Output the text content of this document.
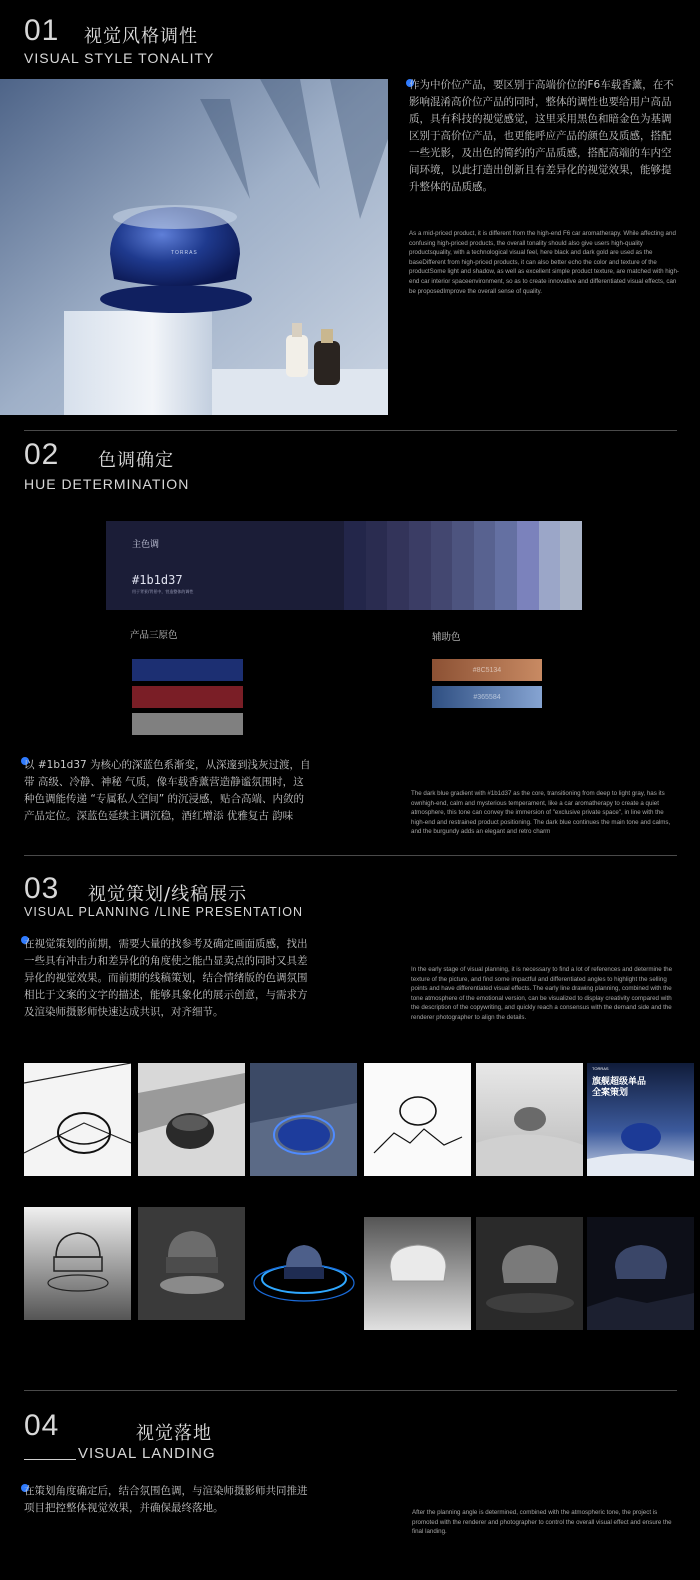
01 视觉风格调性
VISUAL STYLE TONALITY
TORRAS
作为中价位产品，要区别于高端价位的F6车载香薰，在不影响混淆高价位产品的同时，整体的调性也要给用户高品质，具有科技的视觉感觉，这里采用黑色和暗金色为基调区别于高价位产品，也更能呼应产品的颜色及质感，搭配一些光影，及出色的简约的产品质感，搭配高端的车内空间环境，以此打造出创新且有差异化的视觉效果，能够提升整体的品质感。
As a mid-priced product, it is different from the high-end F6 car aromatherapy. While affecting and confusing high-priced products, the overall tonality should also give users high-quality productsquality, with a technological visual feel, here black and dark gold are used as the baseDifferent from high-priced products, it can also better echo the color and texture of the productSome light and shadow, as well as excellent simple product texture, are matched with high-end car interior spaceenvironment, so as to create innovative and differentiated visual effects, can be proposedImprove the overall sense of quality.
02 色调确定
HUE DETERMINATION
主色调
#1b1d37
用于背景/背景中，营造整体的调性
产品三原色	辅助色
#8C5134
#365584
以 #1b1d37 为核心的深蓝色系渐变，从深邃到浅灰过渡，自带 高级、冷静、神秘 气质，像车载香薰营造静谧氛围时，这种色调能传递 “专属私人空间” 的沉浸感，贴合高端、内敛的产品定位。深蓝色延续主调沉稳，酒红增添 优雅复古 韵味
The dark blue gradient with #1b1d37 as the core, transitioning from deep to light gray, has its ownhigh-end, calm and mysterious temperament, like a car aromatherapy to create a quiet atmosphere, this tone can convey the immersion of "exclusive private space", in line with the high-end and restrained product positioning. The dark blue continues the main tone and calms, and the burgundy adds an elegant and retro charm
03 视觉策划/线稿展示
VISUAL PLANNING /LINE PRESENTATION
在视觉策划的前期，需要大量的找参考及确定画面质感，找出一些具有冲击力和差异化的角度使之能凸显卖点的同时又具差异化的视觉效果。而前期的线稿策划，结合情绪版的色调氛围相比于文案的文字的描述，能够具象化的展示创意，与需求方及渲染师摄影师快速达成共识，对齐细节。
In the early stage of visual planning, it is necessary to find a lot of references and determine the texture of the picture, and find some impactful and differentiated angles to highlight the selling points and have differentiated visual effects. The early line drawing planning, combined with the tone atmosphere of the emotional version, can be visualized to display creativity compared with the description of the copywriting, and quickly reach a consensus with the demand side and the renderer photographer to align the details.
TORRAS
旗舰超级单品
全案策划
04	视觉落地
VISUAL LANDING
在策划角度确定后，结合氛围色调，与渲染师摄影师共同推进项目把控整体视觉效果，并确保最终落地。	After the planning angle is determined, combined with the atmospheric tone, the project is promoted with the renderer and photographer to control the overall visual effect and ensure the final landing.
